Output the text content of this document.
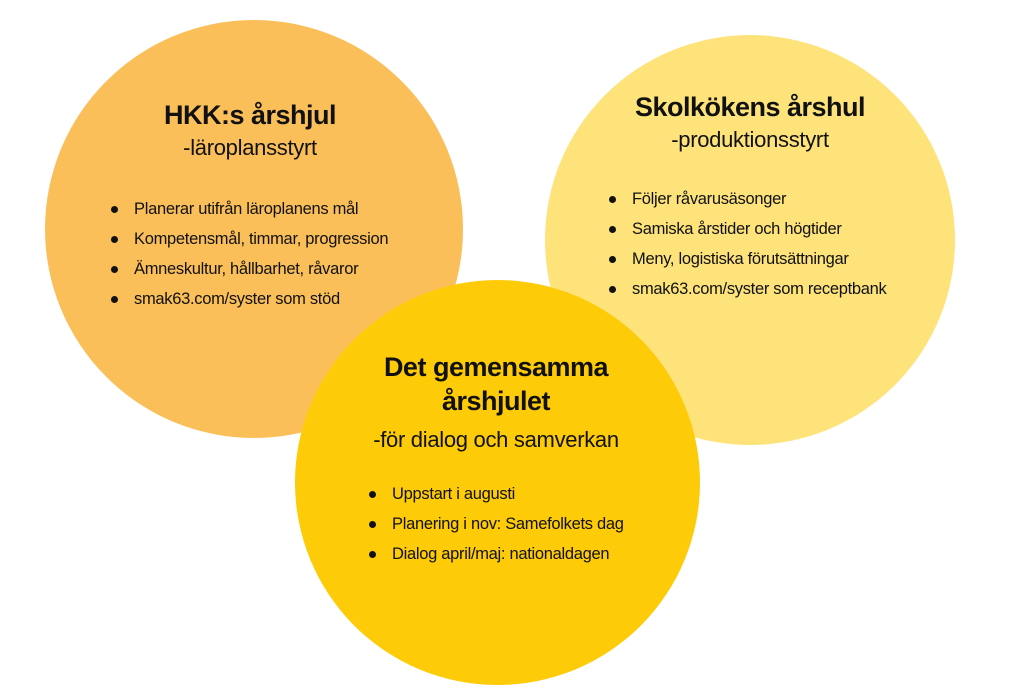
HKK:s årshjul
-läroplansstyrt
Planerar utifrån läroplanens mål
Kompetensmål, timmar, progression
Ämneskultur, hållbarhet, råvaror
smak63.com/syster som stöd
Skolkökens årshul
-produktionsstyrt
Följer råvarusäsonger
Samiska årstider och högtider
Meny, logistiska förutsättningar
smak63.com/syster som receptbank
Det gemensamma
årshjulet
-för dialog och samverkan
Uppstart i augusti
Planering i nov: Samefolkets dag
Dialog april/maj: nationaldagen
